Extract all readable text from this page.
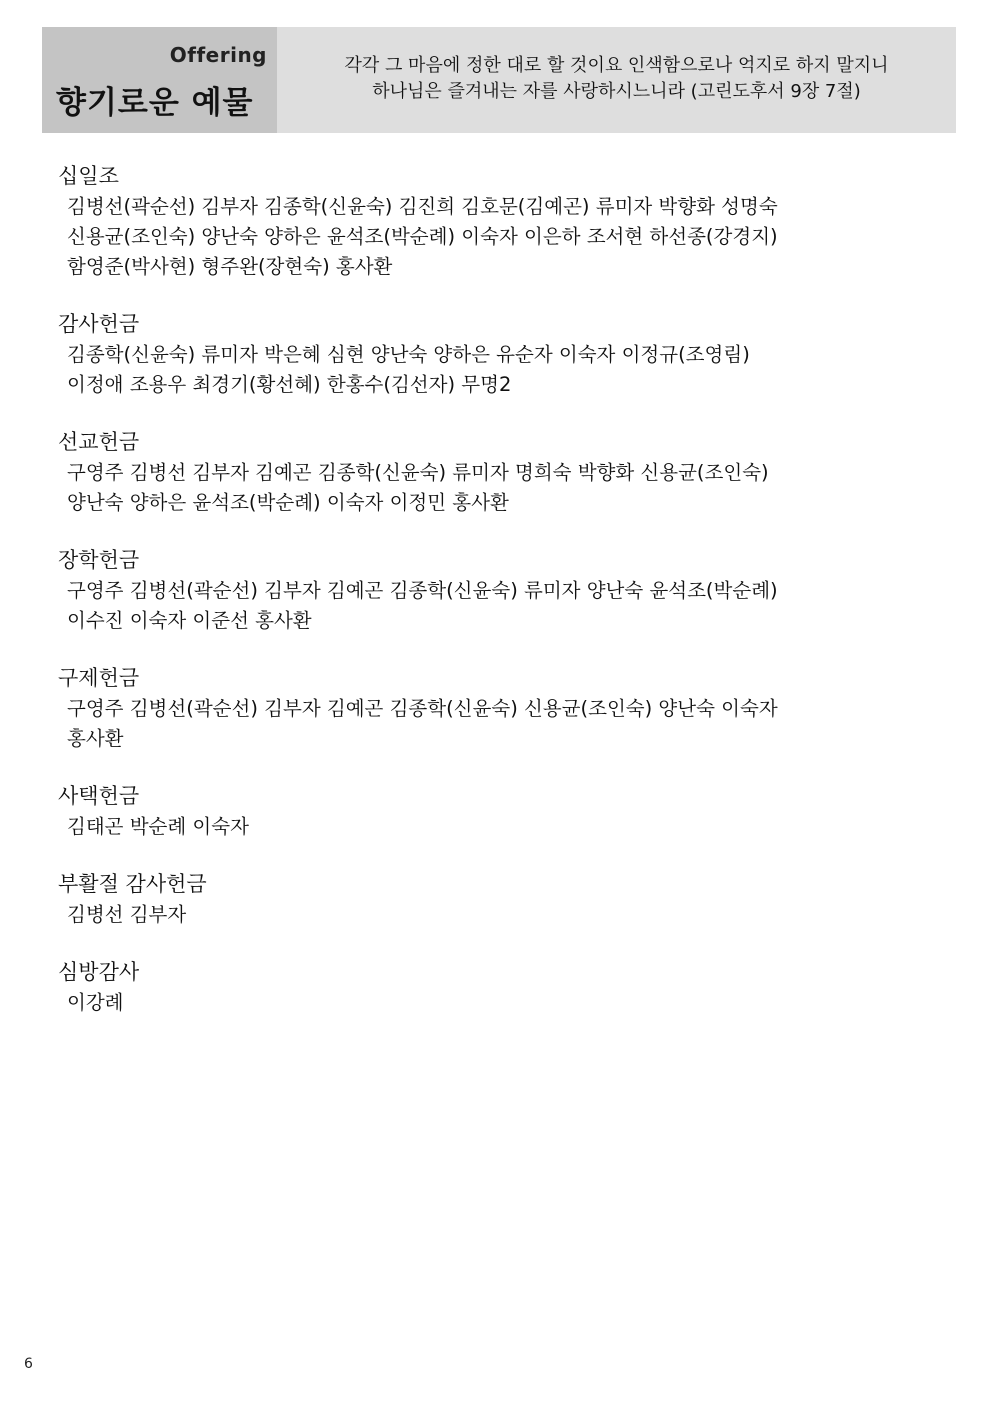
Offering
향기로운 예물
각각 그 마음에 정한 대로 할 것이요 인색함으로나 억지로 하지 말지니
하나님은 즐겨내는 자를 사랑하시느니라 (고린도후서 9장 7절)
십일조
김병선(곽순선) 김부자 김종학(신윤숙) 김진희 김호문(김예곤) 류미자 박향화 성명숙
신용균(조인숙) 양난숙 양하은 윤석조(박순례) 이숙자 이은하 조서현 하선종(강경지)
함영준(박사현) 형주완(장현숙) 홍사환
감사헌금
김종학(신윤숙) 류미자 박은혜 심현 양난숙 양하은 유순자 이숙자 이정규(조영림)
이정애 조용우 최경기(황선혜) 한홍수(김선자) 무명2
선교헌금
구영주 김병선 김부자 김예곤 김종학(신윤숙) 류미자 명희숙 박향화 신용균(조인숙)
양난숙 양하은 윤석조(박순례) 이숙자 이정민 홍사환
장학헌금
구영주 김병선(곽순선) 김부자 김예곤 김종학(신윤숙) 류미자 양난숙 윤석조(박순례)
이수진 이숙자 이준선 홍사환
구제헌금
구영주 김병선(곽순선) 김부자 김예곤 김종학(신윤숙) 신용균(조인숙) 양난숙 이숙자
홍사환
사택헌금
김태곤 박순례 이숙자
부활절 감사헌금
김병선 김부자
심방감사
이강례
6
